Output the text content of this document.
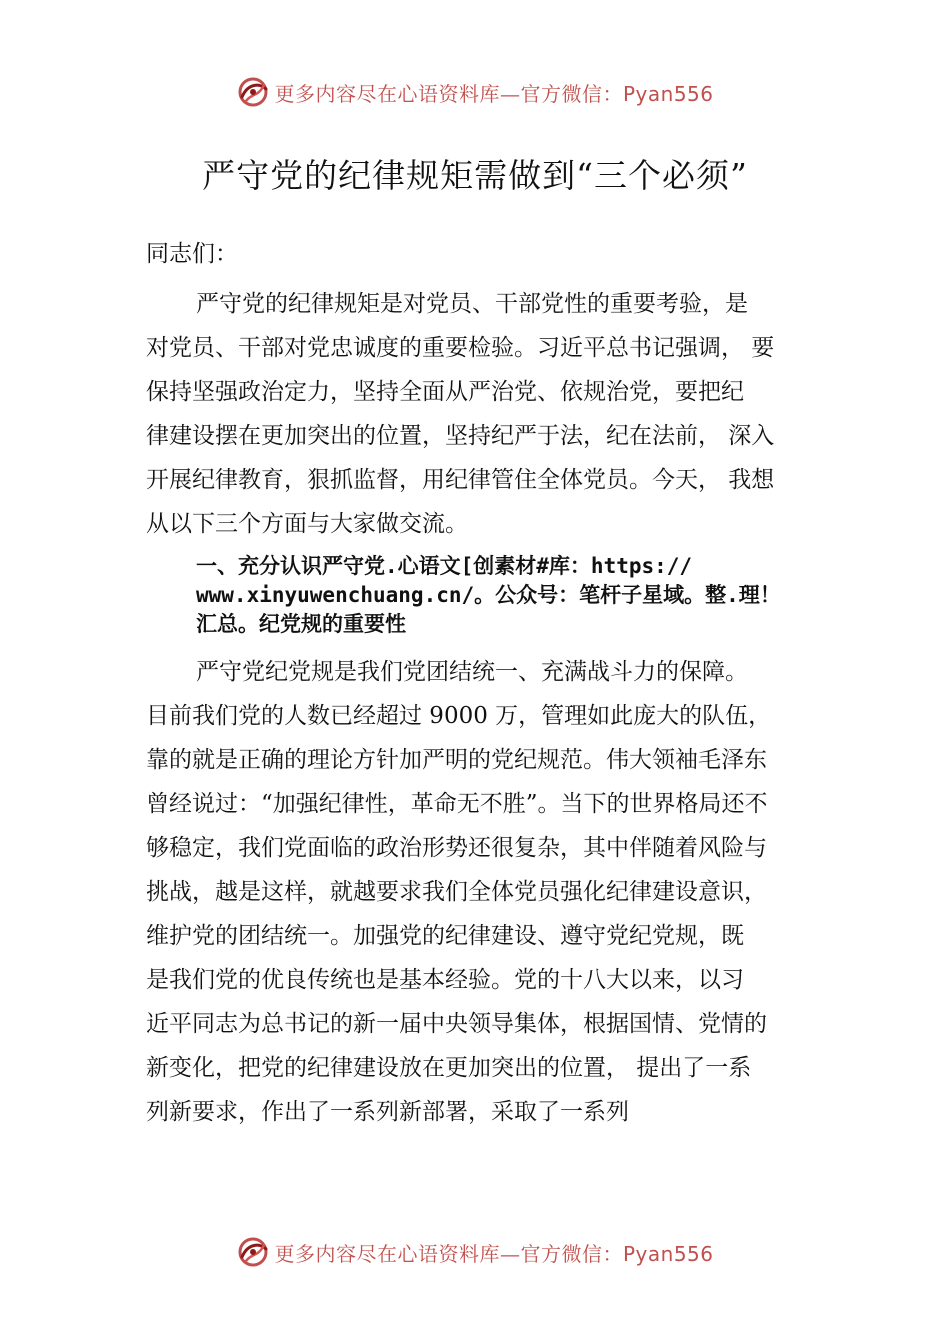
更多内容尽在心语资料库—官方微信：Pyan556
严守党的纪律规矩需做到“三个必须”

同志们：

严守党的纪律规矩是对党员、干部党性的重要考验，是
对党员、干部对党忠诚度的重要检验。习近平总书记强调， 要
保持坚强政治定力，坚持全面从严治党、依规治党，要把纪
律建设摆在更加突出的位置，坚持纪严于法，纪在法前， 深入
开展纪律教育，狠抓监督，用纪律管住全体党员。今天， 我想
从以下三个方面与大家做交流。
一、充分认识严守党.心语文[创素材#库：https://
www.xinyuwenchuang.cn/。公众号：笔杆子星域。整.理！
汇总。纪党规的重要性
严守党纪党规是我们党团结统一、充满战斗力的保障。
目前我们党的人数已经超过 9000 万，管理如此庞大的队伍，
靠的就是正确的理论方针加严明的党纪规范。伟大领袖毛泽东
曾经说过：“加强纪律性，革命无不胜”。当下的世界格局还不
够稳定，我们党面临的政治形势还很复杂，其中伴随着风险与
挑战，越是这样，就越要求我们全体党员强化纪律建设意识，
维护党的团结统一。加强党的纪律建设、遵守党纪党规，既
是我们党的优良传统也是基本经验。党的十八大以来，以习
近平同志为总书记的新一届中央领导集体，根据国情、党情的
新变化，把党的纪律建设放在更加突出的位置， 提出了一系
列新要求，作出了一系列新部署，采取了一系列
更多内容尽在心语资料库—官方微信：Pyan556
